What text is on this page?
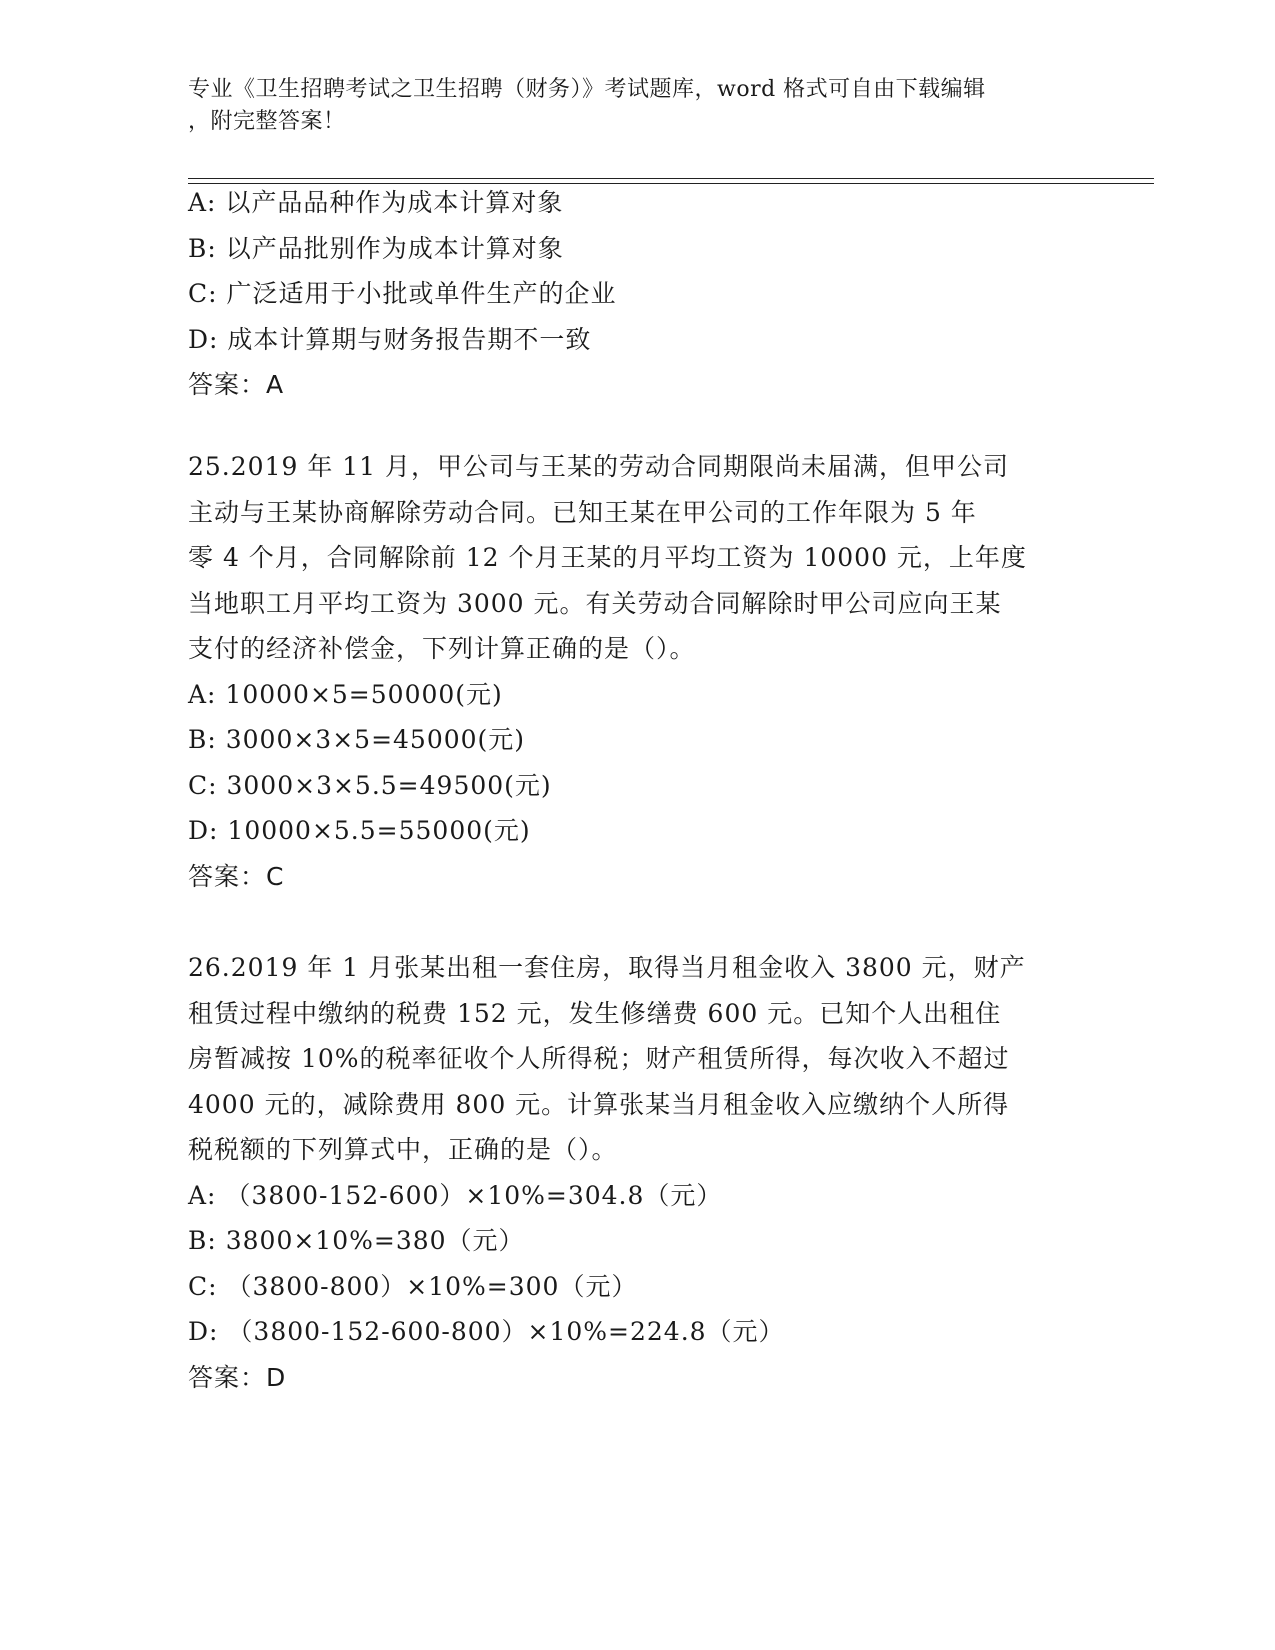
专业《卫生招聘考试之卫生招聘（财务）》考试题库，word 格式可自由下载编辑
，附完整答案！
A: 以产品品种作为成本计算对象
B: 以产品批别作为成本计算对象
C: 广泛适用于小批或单件生产的企业
D: 成本计算期与财务报告期不一致
答案：A
25.2019 年 11 月，甲公司与王某的劳动合同期限尚未届满，但甲公司
主动与王某协商解除劳动合同。已知王某在甲公司的工作年限为 5 年
零 4 个月，合同解除前 12 个月王某的月平均工资为 10000 元，上年度
当地职工月平均工资为 3000 元。有关劳动合同解除时甲公司应向王某
支付的经济补偿金，下列计算正确的是（）。
A: 10000×5=50000(元)
B: 3000×3×5=45000(元)
C: 3000×3×5.5=49500(元)
D: 10000×5.5=55000(元)
答案：C
26.2019 年 1 月张某出租一套住房，取得当月租金收入 3800 元，财产
租赁过程中缴纳的税费 152 元，发生修缮费 600 元。已知个人出租住
房暂减按 10%的税率征收个人所得税；财产租赁所得，每次收入不超过
4000 元的，减除费用 800 元。计算张某当月租金收入应缴纳个人所得
税税额的下列算式中，正确的是（）。
A: （3800-152-600）×10%=304.8（元）
B: 3800×10%=380（元）
C: （3800-800）×10%=300（元）
D: （3800-152-600-800）×10%=224.8（元）
答案：D
